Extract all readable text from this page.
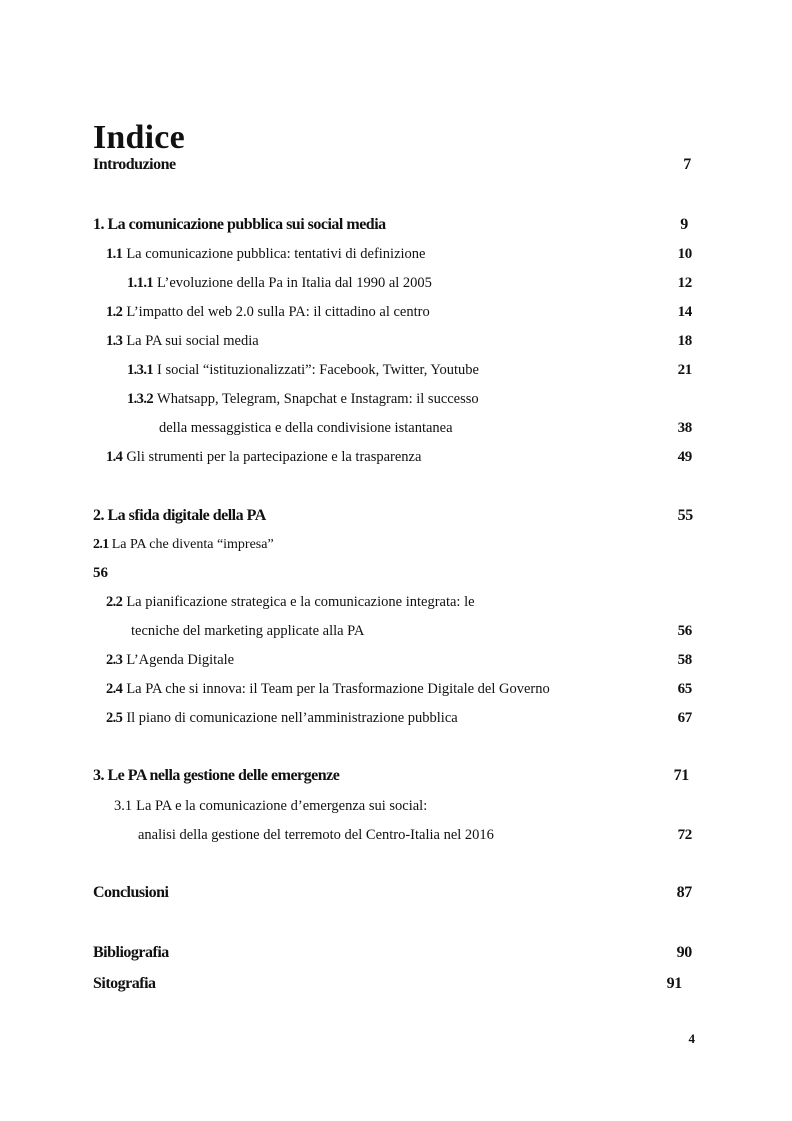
Indice
Introduzione	7
1. La comunicazione pubblica sui social media	9
1.1 La comunicazione pubblica: tentativi di definizione	10
1.1.1 L’evoluzione della Pa in Italia dal 1990 al 2005	12
1.2 L’impatto del web 2.0 sulla PA: il cittadino al centro	14
1.3 La PA sui social media	18
1.3.1 I social “istituzionalizzati”: Facebook, Twitter, Youtube	21
1.3.2 Whatsapp, Telegram, Snapchat e Instagram: il successo
della messaggistica e della condivisione istantanea	38
1.4 Gli strumenti per la partecipazione e la trasparenza	49
2. La sfida digitale della PA	55
2.1 La PA che diventa “impresa”
56
2.2 La pianificazione strategica e la comunicazione integrata: le
tecniche del marketing applicate alla PA	56
2.3 L’Agenda Digitale	58
2.4 La PA che si innova: il Team per la Trasformazione Digitale del Governo	65
2.5 Il piano di comunicazione nell’amministrazione pubblica	67
3. Le PA nella gestione delle emergenze	71
3.1 La PA e la comunicazione d’emergenza sui social:
analisi della gestione del terremoto del Centro-Italia nel 2016	72
Conclusioni	87
Bibliografia	90
Sitografia	91
4
